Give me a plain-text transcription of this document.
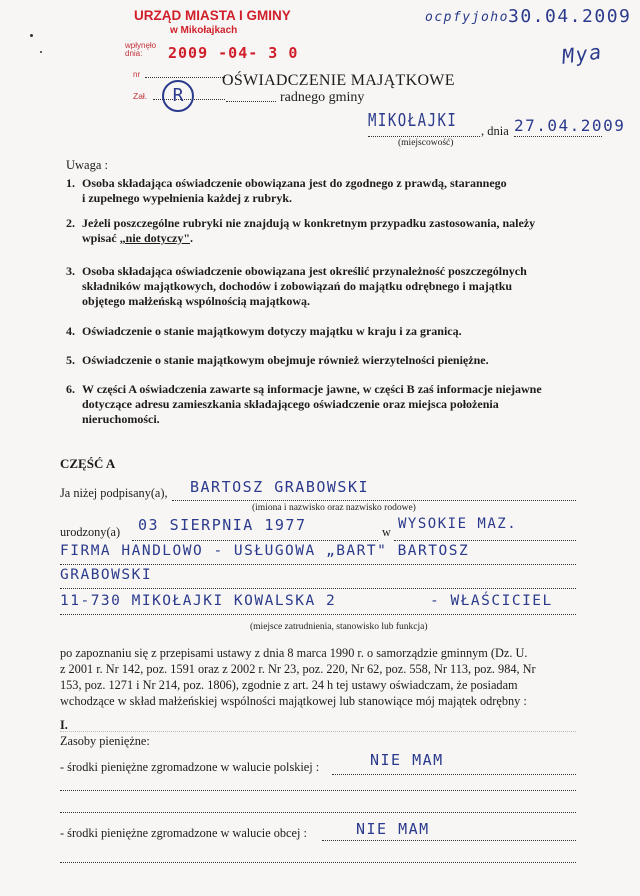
URZĄD MIASTA I GMINY
w Mikołajkach
wpłynęło
dnia:	2009 -04- 3 0
nr
Zał.	R
ocpfyjoho 30.04.2009
Mya
OŚWIADCZENIE MAJĄTKOWE
radnego gminy
MIKOŁAJKI , dnia 27.04.2009
(miejscowość)
Uwaga :
1. Osoba składająca oświadczenie obowiązana jest do zgodnego z prawdą, starannego
i zupełnego wypełnienia każdej z rubryk.
2. Jeżeli poszczególne rubryki nie znajdują w konkretnym przypadku zastosowania, należy
wpisać „nie dotyczy".
3. Osoba składająca oświadczenie obowiązana jest określić przynależność poszczególnych
składników majątkowych, dochodów i zobowiązań do majątku odrębnego i majątku
objętego małżeńską wspólnością majątkową.
4. Oświadczenie o stanie majątkowym dotyczy majątku w kraju i za granicą.
5. Oświadczenie o stanie majątkowym obejmuje również wierzytelności pieniężne.
6. W części A oświadczenia zawarte są informacje jawne, w części B zaś informacje niejawne
dotyczące adresu zamieszkania składającego oświadczenie oraz miejsca położenia
nieruchomości.
CZĘŚĆ A
Ja niżej podpisany(a), BARTOSZ GRABOWSKI
(imiona i nazwisko oraz nazwisko rodowe)
urodzony(a) 03 SIERPNIA 1977	w WYSOKIE MAZ.
FIRMA HANDLOWO - USŁUGOWA „BART" BARTOSZ
GRABOWSKI
11-730 MIKOŁAJKI KOWALSKA 2	- WŁAŚCICIEL
(miejsce zatrudnienia, stanowisko lub funkcja)
po zapoznaniu się z przepisami ustawy z dnia 8 marca 1990 r. o samorządzie gminnym (Dz. U.
z 2001 r. Nr 142, poz. 1591 oraz z 2002 r. Nr 23, poz. 220, Nr 62, poz. 558, Nr 113, poz. 984, Nr
153, poz. 1271 i Nr 214, poz. 1806), zgodnie z art. 24 h tej ustawy oświadczam, że posiadam
wchodzące w skład małżeńskiej wspólności majątkowej lub stanowiące mój majątek odrębny :
I.
Zasoby pieniężne:
- środki pieniężne zgromadzone w walucie polskiej :	NIE MAM
- środki pieniężne zgromadzone w walucie obcej :	NIE MAM
